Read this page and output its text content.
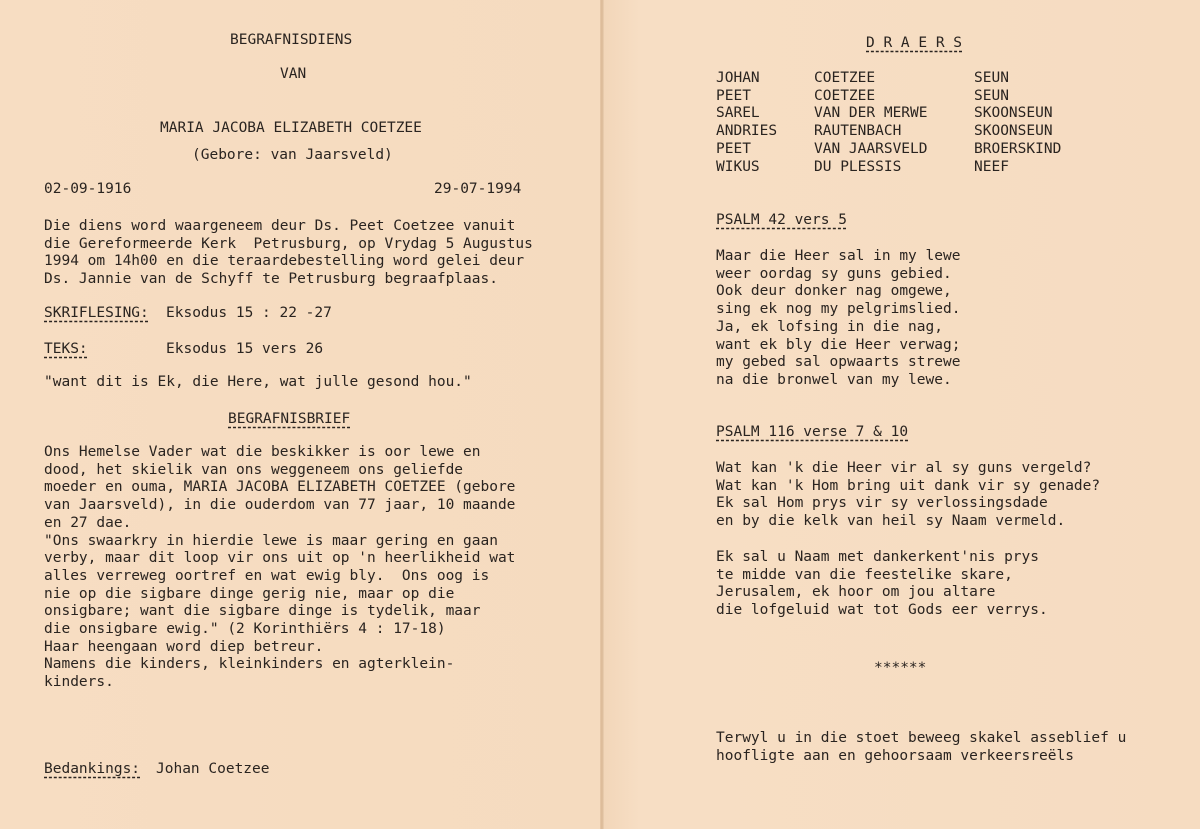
BEGRAFNISDIENS
VAN
MARIA JACOBA ELIZABETH COETZEE
(Gebore: van Jaarsveld)
02-09-1916	29-07-1994
Die diens word waargeneem deur Ds. Peet Coetzee vanuit
die Gereformeerde Kerk  Petrusburg, op Vrydag 5 Augustus
1994 om 14h00 en die teraardebestelling word gelei deur
Ds. Jannie van de Schyff te Petrusburg begraafplaas.
SKRIFLESING: Eksodus 15 : 22 -27
TEKS:	Eksodus 15 vers 26
"want dit is Ek, die Here, wat julle gesond hou."
BEGRAFNISBRIEF
Ons Hemelse Vader wat die beskikker is oor lewe en
dood, het skielik van ons weggeneem ons geliefde
moeder en ouma, MARIA JACOBA ELIZABETH COETZEE (gebore
van Jaarsveld), in die ouderdom van 77 jaar, 10 maande
en 27 dae.
"Ons swaarkry in hierdie lewe is maar gering en gaan
verby, maar dit loop vir ons uit op 'n heerlikheid wat
alles verreweg oortref en wat ewig bly.  Ons oog is
nie op die sigbare dinge gerig nie, maar op die
onsigbare; want die sigbare dinge is tydelik, maar
die onsigbare ewig." (2 Korinthiërs 4 : 17-18)
Haar heengaan word diep betreur.
Namens die kinders, kleinkinders en agterklein-
kinders.
Bedankings: Johan Coetzee
D R A E R S
JOHAN
PEET
SAREL
ANDRIES
PEET
WIKUS
COETZEE
COETZEE
VAN DER MERWE
RAUTENBACH
VAN JAARSVELD
DU PLESSIS
SEUN
SEUN
SKOONSEUN
SKOONSEUN
BROERSKIND
NEEF
PSALM 42 vers 5
Maar die Heer sal in my lewe
weer oordag sy guns gebied.
Ook deur donker nag omgewe,
sing ek nog my pelgrimslied.
Ja, ek lofsing in die nag,
want ek bly die Heer verwag;
my gebed sal opwaarts strewe
na die bronwel van my lewe.
PSALM 116 verse 7 & 10
Wat kan 'k die Heer vir al sy guns vergeld?
Wat kan 'k Hom bring uit dank vir sy genade?
Ek sal Hom prys vir sy verlossingsdade
en by die kelk van heil sy Naam vermeld.
Ek sal u Naam met dankerkent'nis prys
te midde van die feestelike skare,
Jerusalem, ek hoor om jou altare
die lofgeluid wat tot Gods eer verrys.
******
Terwyl u in die stoet beweeg skakel asseblief u
hoofligte aan en gehoorsaam verkeersreëls
